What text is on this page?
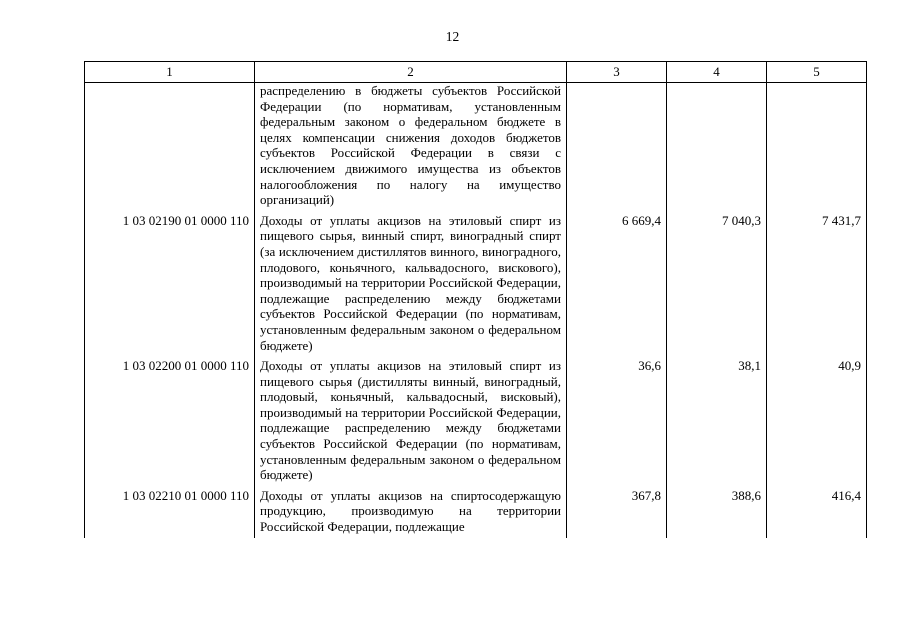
12
1	2	3	4	5
	распределению в бюджеты субъектов Российской Федерации (по нормативам, установленным федеральным законом о федеральном бюджете в целях компенсации снижения доходов бюджетов субъектов Российской Федерации в связи с исключением движимого имущества из объектов налогообложения по налогу на имущество организаций)			
1 03 02190 01 0000 110	Доходы от уплаты акцизов на этиловый спирт из пищевого сырья, винный спирт, виноградный спирт (за исключением дистиллятов винного, виноградного, плодового, коньячного, кальвадосного, вискового), производимый на территории Российской Федерации, подлежащие распределению между бюджетами субъектов Российской Федерации (по нормативам, установленным федеральным законом о федеральном бюджете)	6 669,4	7 040,3	7 431,7
1 03 02200 01 0000 110	Доходы от уплаты акцизов на этиловый спирт из пищевого сырья (дистилляты винный, виноградный, плодовый, коньячный, кальвадосный, висковый), производимый на территории Российской Федерации, подлежащие распределению между бюджетами субъектов Российской Федерации (по нормативам, установленным федеральным законом о федеральном бюджете)	36,6	38,1	40,9
1 03 02210 01 0000 110	Доходы от уплаты акцизов на спиртосодержащую продукцию, производимую на территории Российской Федерации, подлежащие	367,8	388,6	416,4
